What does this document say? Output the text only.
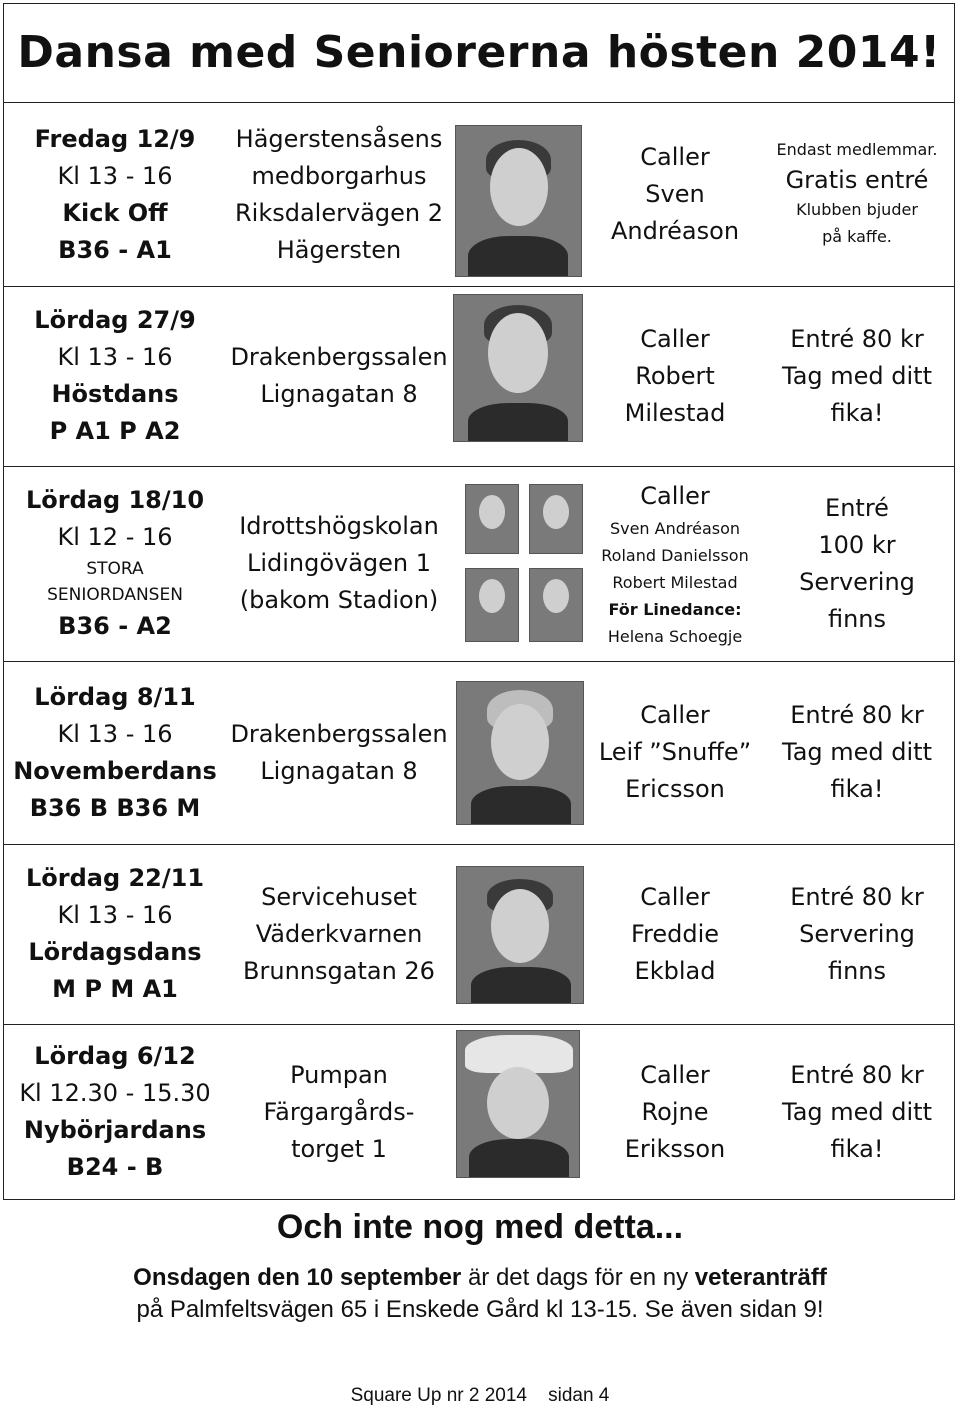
Dansa med Seniorerna hösten 2014!
Fredag 12/9
Kl 13 - 16
Kick Off
B36 - A1
Hägerstensåsens
medborgarhus
Riksdalervägen 2
Hägersten
Caller
Sven
Andréason
Endast medlemmar.
Gratis entré
Klubben bjuder
på kaffe.
Lördag 27/9
Kl 13 - 16
Höstdans
P A1 P A2
Drakenbergssalen
Lignagatan 8
Caller
Robert
Milestad
Entré 80 kr
Tag med ditt
fika!
Lördag 18/10
Kl 12 - 16
STORA
SENIORDANSEN
B36 - A2
Idrottshögskolan
Lidingövägen 1
(bakom Stadion)
Caller
Sven Andréason
Roland Danielsson
Robert Milestad
För Linedance:
Helena Schoegje
Entré
100 kr
Servering
finns
Lördag 8/11
Kl 13 - 16
Novemberdans
B36 B B36 M
Drakenbergssalen
Lignagatan 8
Caller
Leif ”Snuffe”
Ericsson
Entré 80 kr
Tag med ditt
fika!
Lördag 22/11
Kl 13 - 16
Lördagsdans
M P M A1
Servicehuset
Väderkvarnen
Brunnsgatan 26
Caller
Freddie
Ekblad
Entré 80 kr
Servering
finns
Lördag 6/12
Kl 12.30 - 15.30
Nybörjardans
B24 - B
Pumpan
Färgargårds-
torget 1
Caller
Rojne
Eriksson
Entré 80 kr
Tag med ditt
fika!
Och inte nog med detta...
Onsdagen den 10 september är det dags för en ny veteranträff
på Palmfeltsvägen 65 i Enskede Gård kl 13-15. Se även sidan 9!
Square Up nr 2 2014    sidan 4
